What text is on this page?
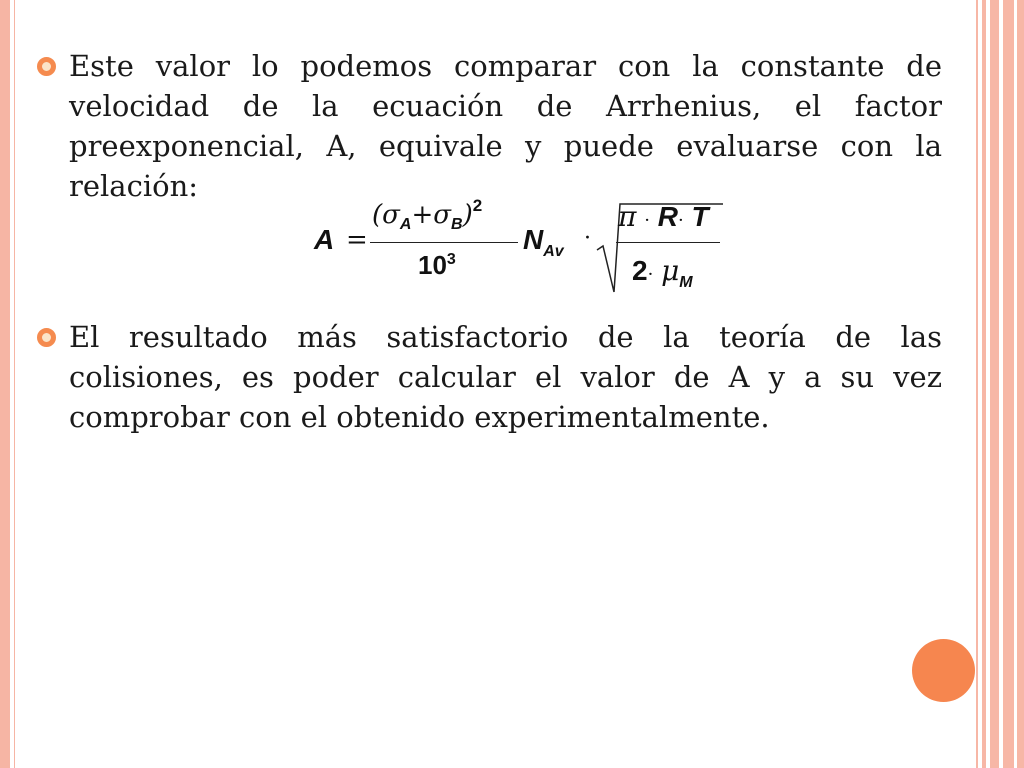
Este valor lo podemos comparar con la constante de velocidad de la ecuación de Arrhenius, el factor preexponencial, A, equivale y puede evaluarse con la relación:

A =
$(\sigma_A+\sigma_B)^2$
$10^3$
$N_{Av}$
·
π · R· T
$2\cdot \mu_M$

El resultado más satisfactorio de la teoría de las colisiones, es poder calcular el valor de A y a su vez comprobar con el obtenido experimentalmente.
